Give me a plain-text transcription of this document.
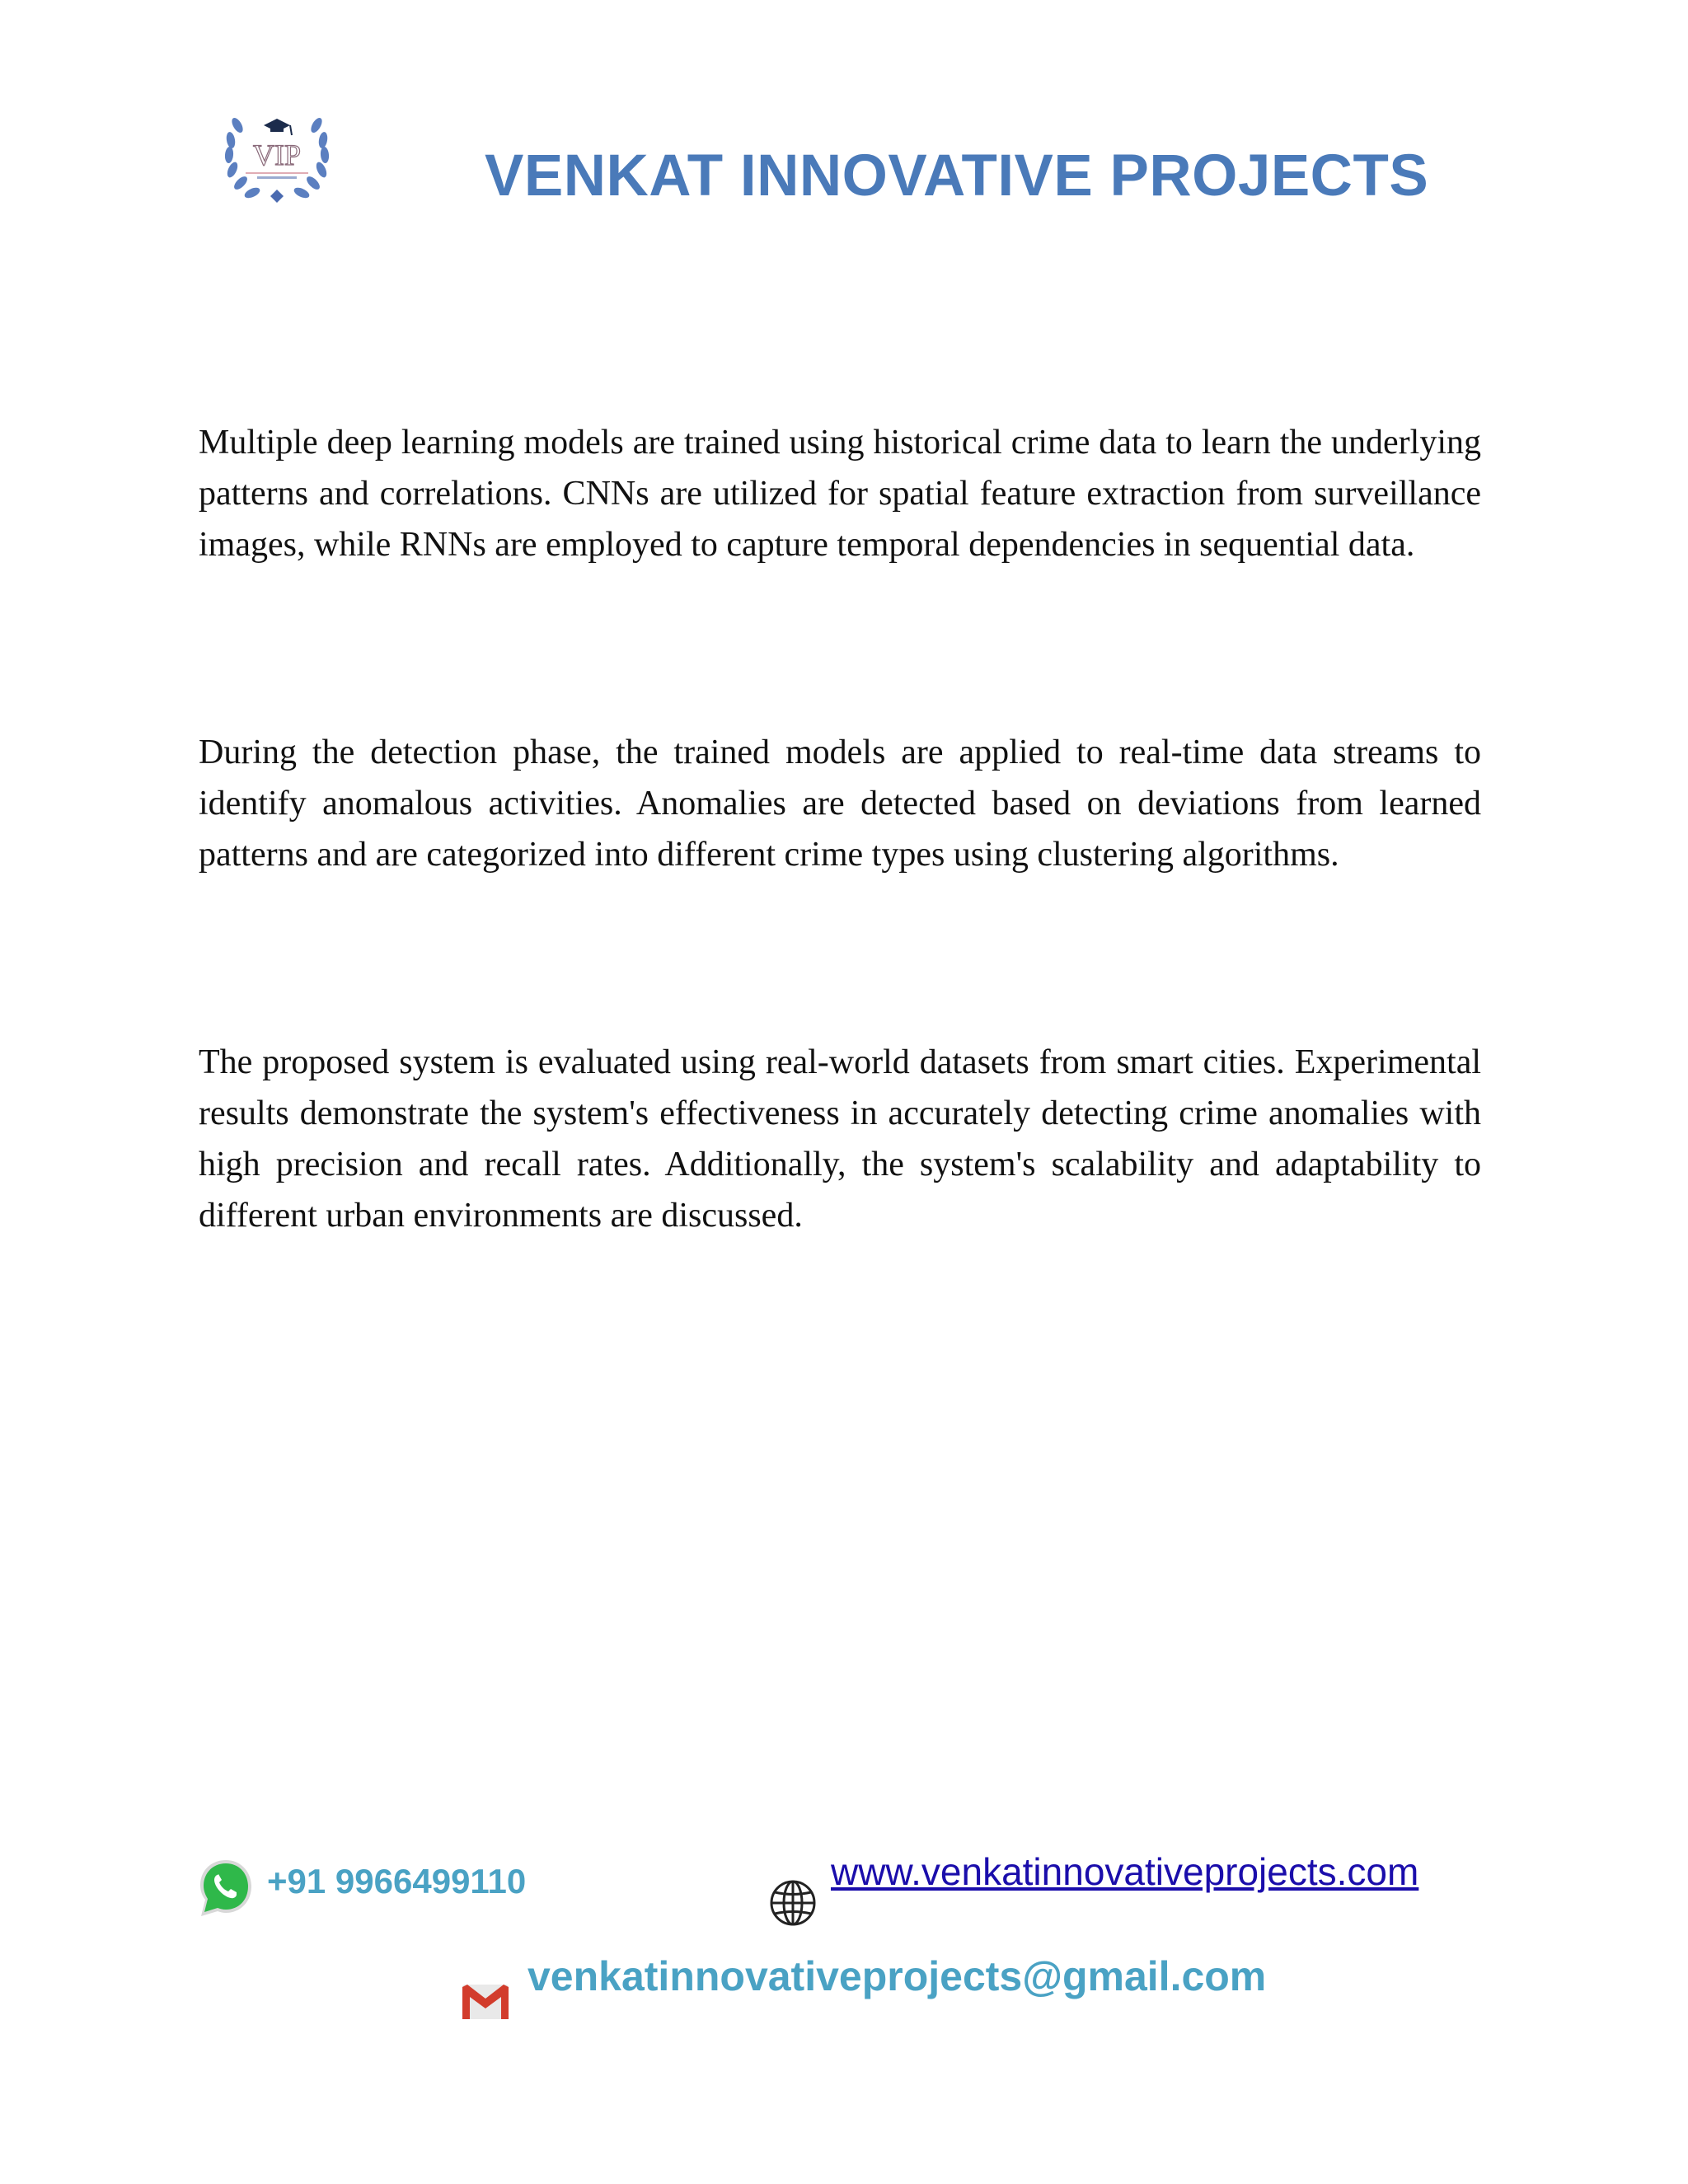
VIP	VENKAT INNOVATIVE PROJECTS

Multiple deep learning models are trained using historical crime data to learn the underlying patterns and correlations. CNNs are utilized for spatial feature extraction from surveillance images, while RNNs are employed to capture temporal dependencies in sequential data.

During the detection phase, the trained models are applied to real-time data streams to identify anomalous activities. Anomalies are detected based on deviations from learned patterns and are categorized into different crime types using clustering algorithms.

The proposed system is evaluated using real-world datasets from smart cities. Experimental results demonstrate the system's effectiveness in accurately detecting crime anomalies with high precision and recall rates. Additionally, the system's scalability and adaptability to different urban environments are discussed.

+91 9966499110	www.venkatinnovativeprojects.com
venkatinnovativeprojects@gmail.com
